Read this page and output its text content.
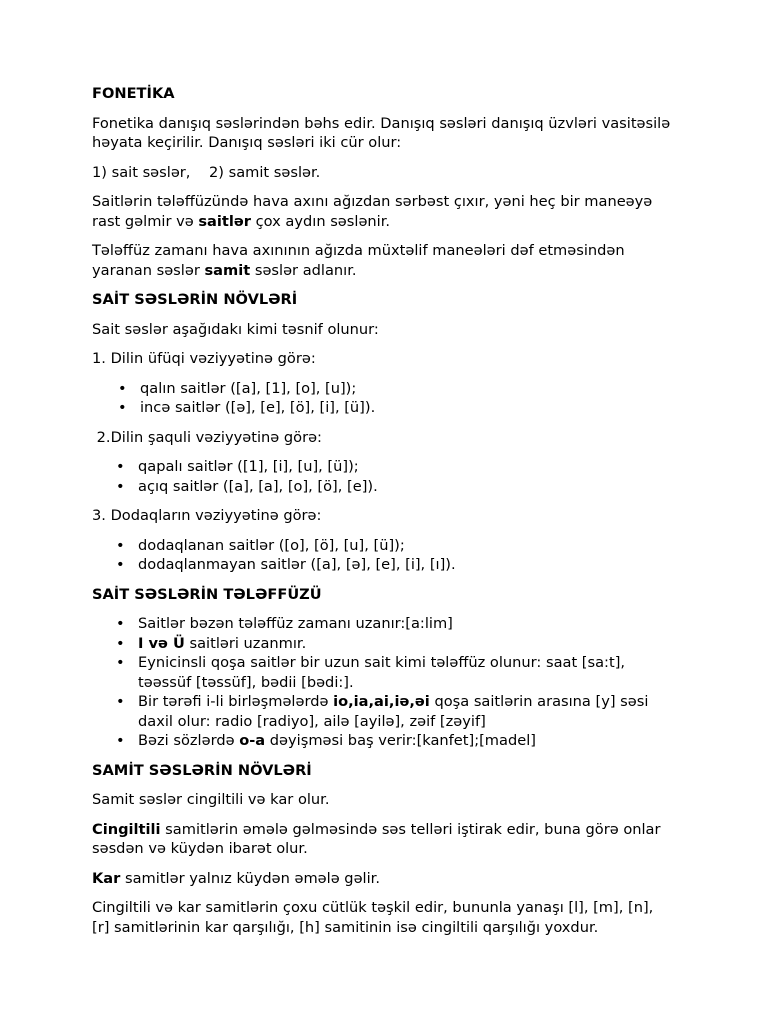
FONETİKA

Fonetika danışıq səslərindən bəhs edir. Danışıq səsləri danışıq üzvləri vasitəsilə həyata keçirilir. Danışıq səsləri iki cür olur:

1) sait səslər,    2) samit səslər.

Saitlərin tələffüzündə hava axını ağızdan sərbəst çıxır, yəni heç bir maneəyə rast gəlmir və saitlər çox aydın səslənir.

Tələffüz zamanı hava axınının ağızda müxtəlif maneələri dəf etməsindən yaranan səslər samit səslər adlanır.

SAİT SƏSLƏRİN NÖVLƏRİ

Sait səslər aşağıdakı kimi təsnif olunur:

1. Dilin üfüqi vəziyyətinə görə:

• qalın saitlər ([a], [1], [o], [u]);
• incə saitlər ([ə], [e], [ö], [i], [ü]).

2.Dilin şaquli vəziyyətinə görə:

• qapalı saitlər ([1], [i], [u], [ü]);
• açıq saitlər ([a], [a], [o], [ö], [e]).

3. Dodaqların vəziyyətinə görə:

• dodaqlanan saitlər ([o], [ö], [u], [ü]);
• dodaqlanmayan saitlər ([a], [ə], [e], [i], [ı]).
SAİT SƏSLƏRİN TƏLƏFFÜZÜ
• Saitlər bəzən tələffüz zamanı uzanır:[a:lim]
• I və Ü saitləri uzanmır.
• Eynicinsli qoşa saitlər bir uzun sait kimi tələffüz olunur: saat [sa:t], təəssüf [təssüf], bədii [bədi:].
• Bir tərəfi i-li birləşmələrdə io,ia,ai,iə,əi qoşa saitlərin arasına [y] səsi daxil olur: radio [radiyo], ailə [ayilə], zəif [zəyif]
• Bəzi sözlərdə o-a dəyişməsi baş verir:[kanfet];[madel]
SAMİT SƏSLƏRİN NÖVLƏRİ

Samit səslər cingiltili və kar olur.

Cingiltili samitlərin əmələ gəlməsində səs telləri iştirak edir, buna görə onlar səsdən və küydən ibarət olur.

Kar samitlər yalnız küydən əmələ gəlir.

Cingiltili və kar samitlərin çoxu cütlük təşkil edir, bununla yanaşı [l], [m], [n], [r] samitlərinin kar qarşılığı, [h] samitinin isə cingiltili qarşılığı yoxdur.
